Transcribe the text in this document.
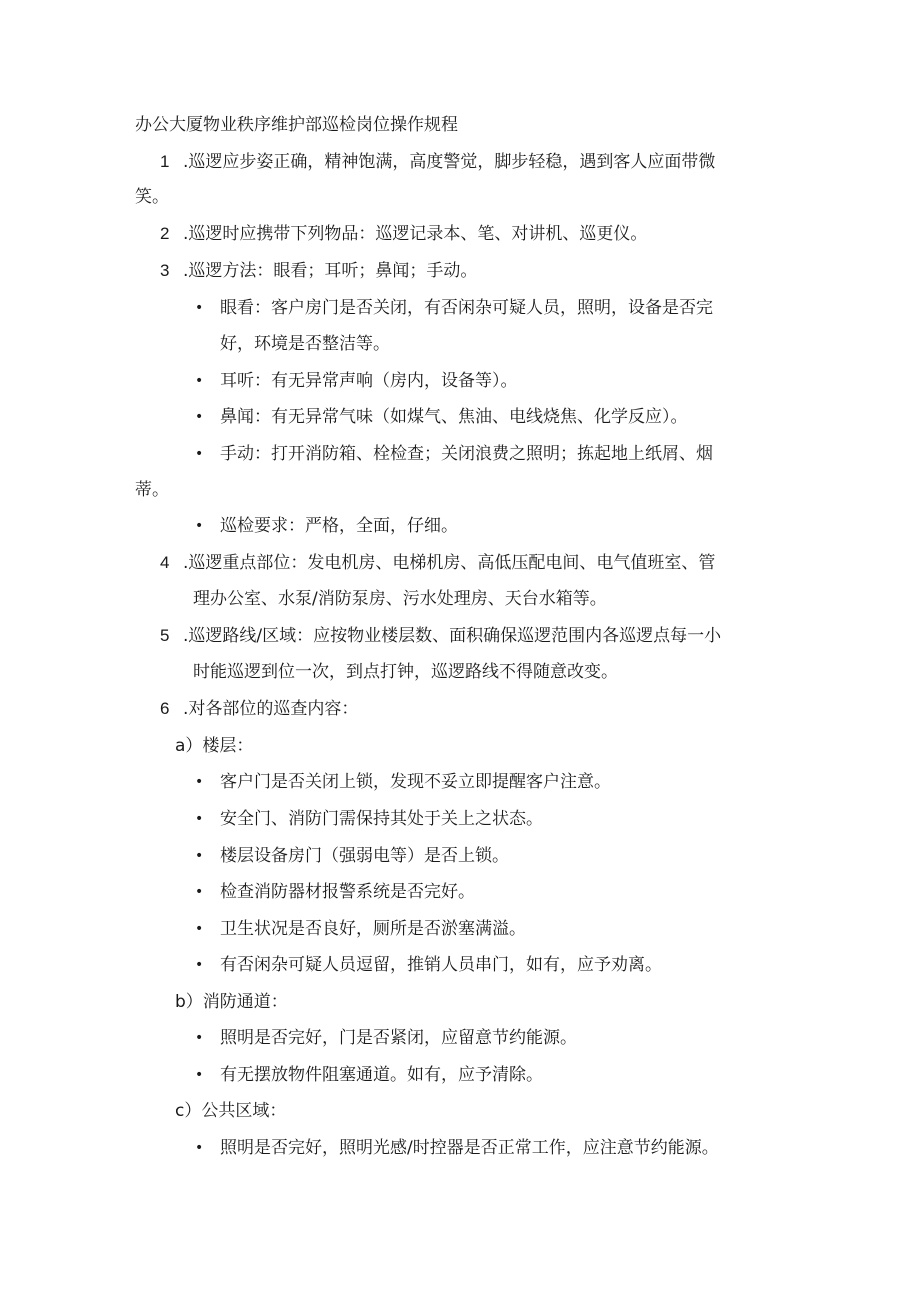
办公大厦物业秩序维护部巡检岗位操作规程
1 .巡逻应步姿正确，精神饱满，高度警觉，脚步轻稳，遇到客人应面带微
笑。
2 .巡逻时应携带下列物品：巡逻记录本、笔、对讲机、巡更仪。
3 .巡逻方法：眼看；耳听；鼻闻；手动。
• 眼看：客户房门是否关闭，有否闲杂可疑人员，照明，设备是否完
好，环境是否整洁等。
• 耳听：有无异常声响（房内，设备等）。
• 鼻闻：有无异常气味（如煤气、焦油、电线烧焦、化学反应）。
• 手动：打开消防箱、栓检查；关闭浪费之照明；拣起地上纸屑、烟
蒂。
• 巡检要求：严格，全面，仔细。
4 .巡逻重点部位：发电机房、电梯机房、高低压配电间、电气值班室、管
理办公室、水泵/消防泵房、污水处理房、天台水箱等。
5 .巡逻路线/区域：应按物业楼层数、面积确保巡逻范围内各巡逻点每一小
时能巡逻到位一次，到点打钟，巡逻路线不得随意改变。
6 .对各部位的巡查内容：
a）楼层：
• 客户门是否关闭上锁，发现不妥立即提醒客户注意。
• 安全门、消防门需保持其处于关上之状态。
• 楼层设备房门（强弱电等）是否上锁。
• 检查消防器材报警系统是否完好。
• 卫生状况是否良好，厕所是否淤塞满溢。
• 有否闲杂可疑人员逗留，推销人员串门，如有，应予劝离。
b）消防通道：
• 照明是否完好，门是否紧闭，应留意节约能源。
• 有无摆放物件阻塞通道。如有，应予清除。
c）公共区域：
• 照明是否完好，照明光感/时控器是否正常工作，应注意节约能源。
